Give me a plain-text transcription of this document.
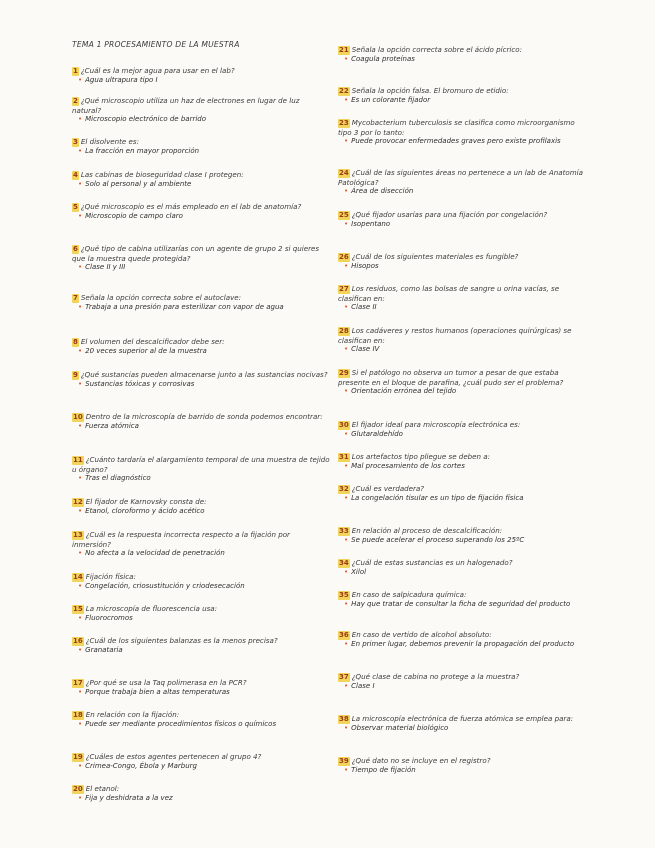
TEMA 1 PROCESAMIENTO DE LA MUESTRA
1 ¿Cuál es la mejor agua para usar en el lab?
• Agua ultrapura tipo I
2 ¿Qué microscopio utiliza un haz de electrones en lugar de luz natural?
• Microscopio electrónico de barrido
3 El disolvente es:
• La fracción en mayor proporción
4 Las cabinas de bioseguridad clase I protegen:
• Solo al personal y al ambiente
5 ¿Qué microscopio es el más empleado en el lab de anatomía?
• Microscopio de campo claro
6 ¿Qué tipo de cabina utilizarías con un agente de grupo 2 si quieres que la muestra quede protegida?
• Clase II y III
7 Señala la opción correcta sobre el autoclave:
• Trabaja a una presión para esterilizar con vapor de agua
8 El volumen del descalcificador debe ser:
• 20 veces superior al de la muestra
9 ¿Qué sustancias pueden almacenarse junto a las sustancias nocivas?
• Sustancias tóxicas y corrosivas
10 Dentro de la microscopía de barrido de sonda podemos encontrar:
• Fuerza atómica
11 ¿Cuánto tardaría el alargamiento temporal de una muestra de tejido u órgano?
• Tras el diagnóstico
12 El fijador de Karnovsky consta de:
• Etanol, cloroformo y ácido acético
13 ¿Cuál es la respuesta incorrecta respecto a la fijación por inmersión?
• No afecta a la velocidad de penetración
14 Fijación física:
• Congelación, criosustitución y criodesecación
15 La microscopía de fluorescencia usa:
• Fluorocromos
16 ¿Cuál de los siguientes balanzas es la menos precisa?
• Granataria
17 ¿Por qué se usa la Taq polimerasa en la PCR?
• Porque trabaja bien a altas temperaturas
18 En relación con la fijación:
• Puede ser mediante procedimientos físicos o químicos
19 ¿Cuáles de estos agentes pertenecen al grupo 4?
• Crimea-Congo, Ébola y Marburg
20 El etanol:
• Fija y deshidrata a la vez
21 Señala la opción correcta sobre el ácido pícrico:
• Coagula proteínas
22 Señala la opción falsa. El bromuro de etidio:
• Es un colorante fijador
23 Mycobacterium tuberculosis se clasifica como microorganismo tipo 3 por lo tanto:
• Puede provocar enfermedades graves pero existe profilaxis
24 ¿Cuál de las siguientes áreas no pertenece a un lab de Anatomía Patológica?
• Área de disección
25 ¿Qué fijador usarías para una fijación por congelación?
• Isopentano
26 ¿Cuál de los siguientes materiales es fungible?
• Hisopos
27 Los residuos, como las bolsas de sangre u orina vacías, se clasifican en:
• Clase II
28 Los cadáveres y restos humanos (operaciones quirúrgicas) se clasifican en:
• Clase IV
29 Si el patólogo no observa un tumor a pesar de que estaba presente en el bloque de parafina, ¿cuál pudo ser el problema?
• Orientación errónea del tejido
30 El fijador ideal para microscopía electrónica es:
• Glutaraldehído
31 Los artefactos tipo pliegue se deben a:
• Mal procesamiento de los cortes
32 ¿Cuál es verdadera?
• La congelación tisular es un tipo de fijación física
33 En relación al proceso de descalcificación:
• Se puede acelerar el proceso superando los 25ºC
34 ¿Cuál de estas sustancias es un halogenado?
• Xilol
35 En caso de salpicadura química:
• Hay que tratar de consultar la ficha de seguridad del producto
36 En caso de vertido de alcohol absoluto:
• En primer lugar, debemos prevenir la propagación del producto
37 ¿Qué clase de cabina no protege a la muestra?
• Clase I
38 La microscopía electrónica de fuerza atómica se emplea para:
• Observar material biológico
39 ¿Qué dato no se incluye en el registro?
• Tiempo de fijación
